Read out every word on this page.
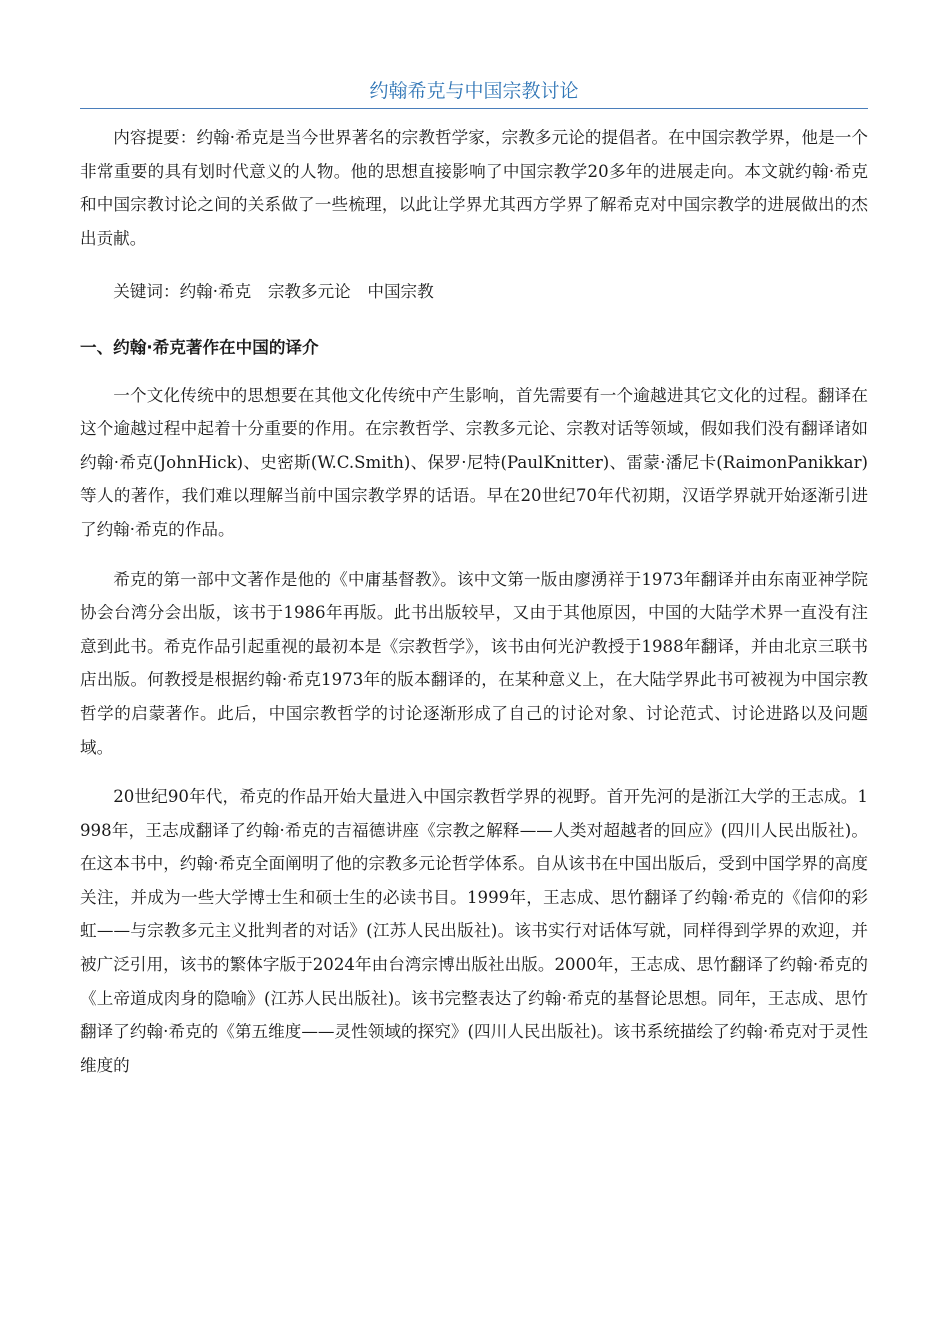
约翰希克与中国宗教讨论

内容提要：约翰·希克是当今世界著名的宗教哲学家，宗教多元论的提倡者。在中国宗教学界，他是一个非常重要的具有划时代意义的人物。他的思想直接影响了中国宗教学20多年的进展走向。本文就约翰·希克和中国宗教讨论之间的关系做了一些梳理，以此让学界尤其西方学界了解希克对中国宗教学的进展做出的杰出贡献。

关键词：约翰·希克 宗教多元论 中国宗教

一、约翰·希克著作在中国的译介

一个文化传统中的思想要在其他文化传统中产生影响，首先需要有一个逾越进其它文化的过程。翻译在这个逾越过程中起着十分重要的作用。在宗教哲学、宗教多元论、宗教对话等领域，假如我们没有翻译诸如约翰·希克(JohnHick)、史密斯(W.C.Smith)、保罗·尼特(PaulKnitter)、雷蒙·潘尼卡(RaimonPanikkar)等人的著作，我们难以理解当前中国宗教学界的话语。早在20世纪70年代初期，汉语学界就开始逐渐引进了约翰·希克的作品。

希克的第一部中文著作是他的《中庸基督教》。该中文第一版由廖湧祥于1973年翻译并由东南亚神学院协会台湾分会出版，该书于1986年再版。此书出版较早，又由于其他原因，中国的大陆学术界一直没有注意到此书。希克作品引起重视的最初本是《宗教哲学》，该书由何光沪教授于1988年翻译，并由北京三联书店出版。何教授是根据约翰·希克1973年的版本翻译的，在某种意义上，在大陆学界此书可被视为中国宗教哲学的启蒙著作。此后，中国宗教哲学的讨论逐渐形成了自己的讨论对象、讨论范式、讨论进路以及问题域。

20世纪90年代，希克的作品开始大量进入中国宗教哲学界的视野。首开先河的是浙江大学的王志成。1998年，王志成翻译了约翰·希克的吉福德讲座《宗教之解释——人类对超越者的回应》(四川人民出版社)。在这本书中，约翰·希克全面阐明了他的宗教多元论哲学体系。自从该书在中国出版后，受到中国学界的高度关注，并成为一些大学博士生和硕士生的必读书目。1999年，王志成、思竹翻译了约翰·希克的《信仰的彩虹——与宗教多元主义批判者的对话》(江苏人民出版社)。该书实行对话体写就，同样得到学界的欢迎，并被广泛引用，该书的繁体字版于2024年由台湾宗博出版社出版。2000年，王志成、思竹翻译了约翰·希克的《上帝道成肉身的隐喻》(江苏人民出版社)。该书完整表达了约翰·希克的基督论思想。同年，王志成、思竹翻译了约翰·希克的《第五维度——灵性领域的探究》(四川人民出版社)。该书系统描绘了约翰·希克对于灵性维度的
